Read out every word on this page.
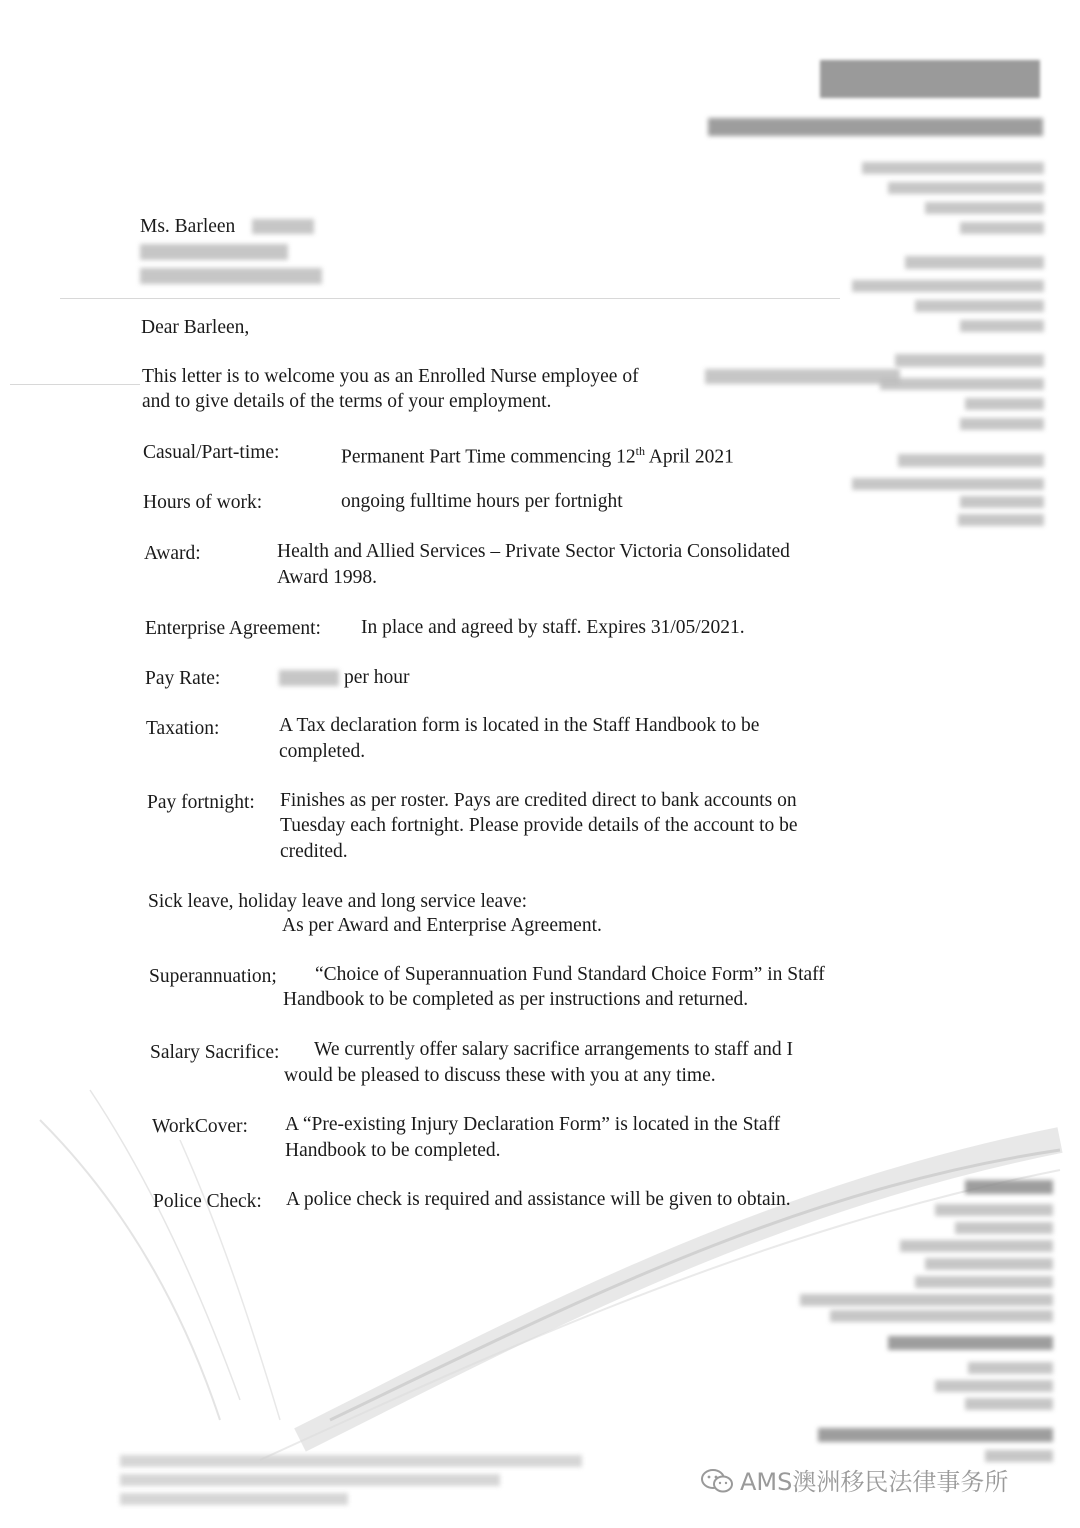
Ms. Barleen
Dear Barleen,
This letter is to welcome you as an Enrolled Nurse employee of
and to give details of the terms of your employment.
Casual/Part-time:	Permanent Part Time commencing 12th April 2021
Hours of work:	ongoing fulltime hours per fortnight
Award:	Health and Allied Services – Private Sector Victoria Consolidated
Award 1998.
Enterprise Agreement: In place and agreed by staff. Expires 31/05/2021.
Pay Rate:	per hour
Taxation:	A Tax declaration form is located in the Staff Handbook to be
completed.
Pay fortnight: Finishes as per roster. Pays are credited direct to bank accounts on
Tuesday each fortnight. Please provide details of the account to be
credited.
Sick leave, holiday leave and long service leave:
As per Award and Enterprise Agreement.
Superannuation; “Choice of Superannuation Fund Standard Choice Form” in Staff
Handbook to be completed as per instructions and returned.
Salary Sacrifice: We currently offer salary sacrifice arrangements to staff and I
would be pleased to discuss these with you at any time.
WorkCover: A “Pre-existing Injury Declaration Form” is located in the Staff
Handbook to be completed.
Police Check: A police check is required and assistance will be given to obtain.
AMS澳洲移民法律事务所
